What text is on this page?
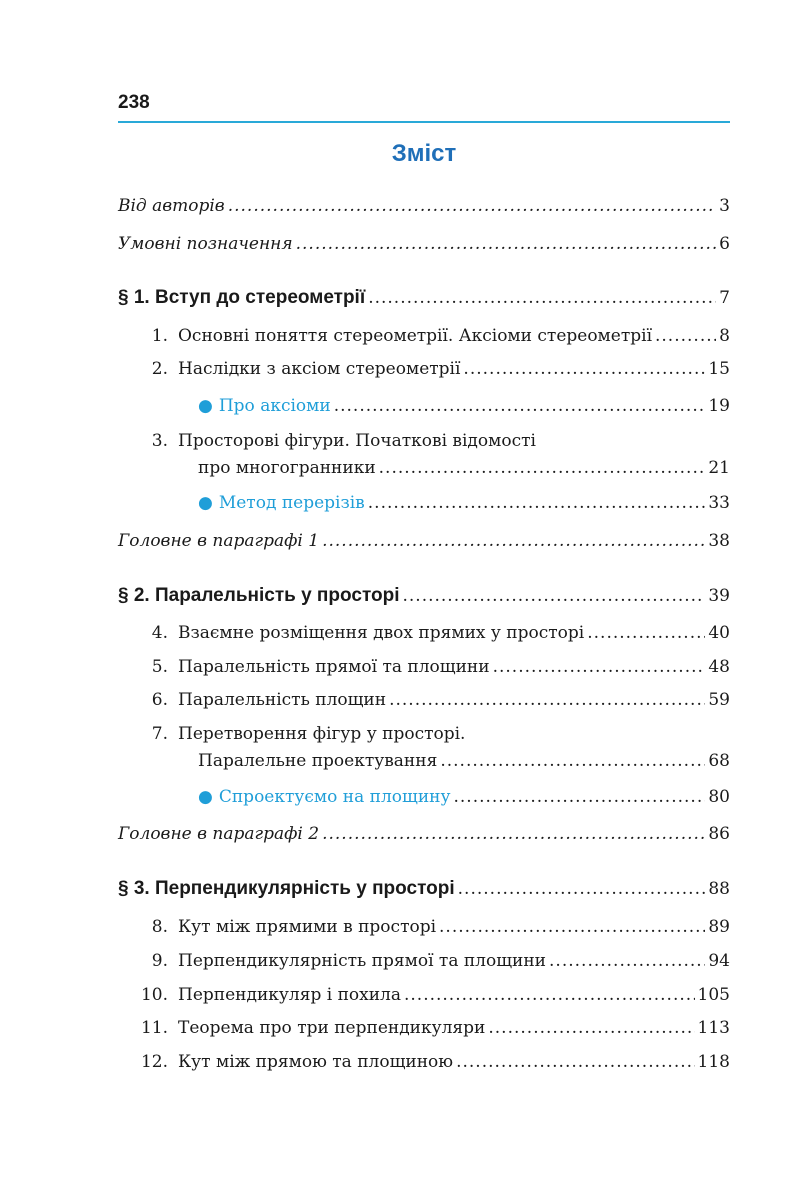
238
Зміст
Від авторів .....	3
Умовні позначення .....	6
§ 1. Вступ до стереометрії .....	7
1. Основні поняття стереометрії. Аксіоми стереометрії .....	8
2. Наслідки з аксіом стереометрії .....	15
● Про аксіоми .....	19
3. Просторові фігури. Початкові відомості
про многогранники .....	21
● Метод перерізів .....	33
Головне в параграфі 1 .....	38
§ 2. Паралельність у просторі .....	39
4. Взаємне розміщення двох прямих у просторі .....	40
5. Паралельність прямої та площини .....	48
6. Паралельність площин .....	59
7. Перетворення фігур у просторі.
Паралельне проектування .....	68
● Спроектуємо на площину .....	80
Головне в параграфі 2 .....	86
§ 3. Перпендикулярність у просторі .....	88
8. Кут між прямими в просторі .....	89
9. Перпендикулярність прямої та площини .....	94
10. Перпендикуляр і похила .....	105
11. Теорема про три перпендикуляри .....	113
12. Кут між прямою та площиною .....	118
